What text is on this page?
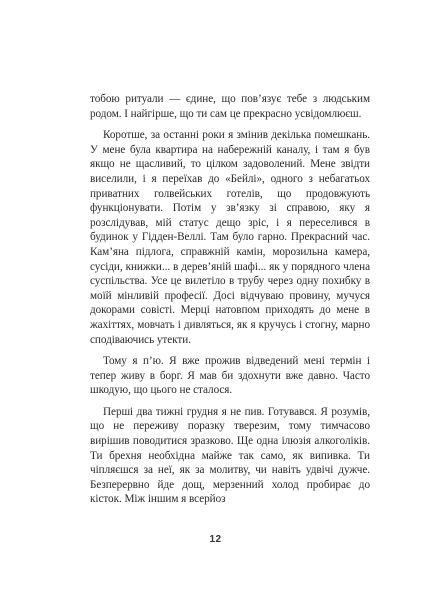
тобою ритуали — єдине, що пов’язує тебе з людським родом. І найгірше, що ти сам це прекрасно усвідомлюєш.

Коротше, за останні роки я змінив декілька помешкань. У мене була квартира на набережній каналу, і там я був якщо не щасливий, то цілком задоволений. Мене звідти виселили, і я переїхав до «Бейлі», одного з небагатьох приватних голвейських готелів, що продовжують функціонувати. Потім у зв’язку зі справою, яку я розслідував, мій статус дещо зріс, і я переселився в будинок у Гідден-Веллі. Там було гарно. Прекрасний час. Кам’яна підлога, справжній камін, морозильна камера, сусіди, книжки... в дерев’яній шафі... як у порядного члена суспільства. Усе це вилетіло в трубу через одну похибку в моїй мінливій професії. Досі відчуваю провину, мучуся докорами совісті. Мерці натовпом приходять до мене в жахіттях, мовчать і дивляться, як я кручусь і стогну, марно сподіваючись утекти.

Тому я п’ю. Я вже прожив відведений мені термін і тепер живу в борг. Я мав би здохнути вже давно. Часто шкодую, що цього не сталося.

Перші два тижні грудня я не пив. Готувався. Я розумів, що не переживу поразку тверезим, тому тимчасово вирішив поводитися зразково. Ще одна ілюзія алкоголіків. Ти брехня необхідна майже так само, як випивка. Ти чіпляєшся за неї, як за молитву, чи навіть удвічі дужче. Безперервно йде дощ, мерзенний холод пробирає до кісток. Між іншим я всерйоз

12
